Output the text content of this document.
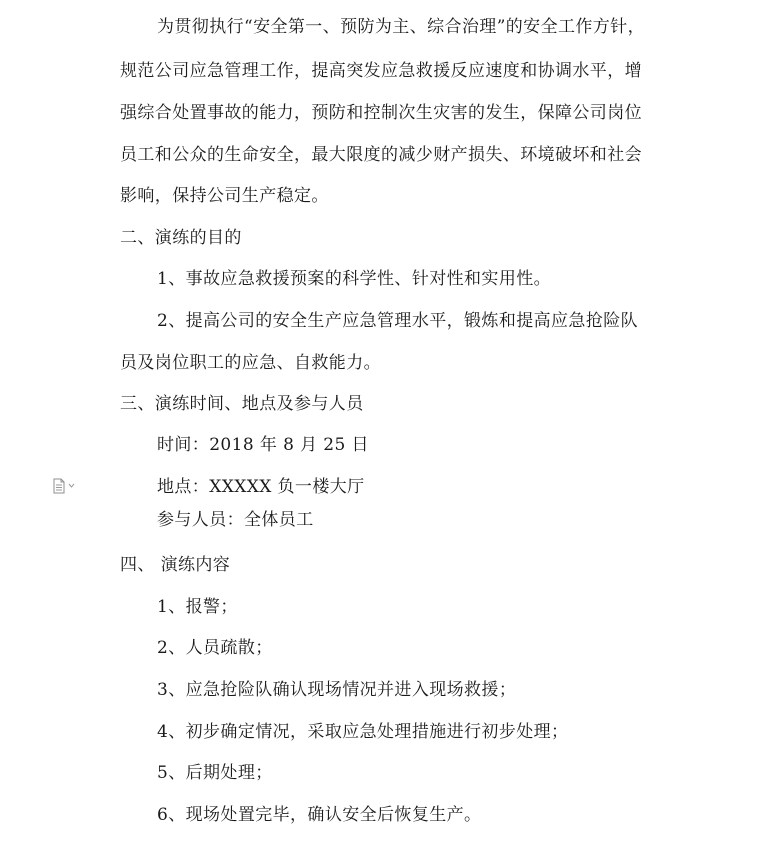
为贯彻执行“安全第一、预防为主、综合治理”的安全工作方针，
规范公司应急管理工作，提高突发应急救援反应速度和协调水平，增
强综合处置事故的能力，预防和控制次生灾害的发生，保障公司岗位
员工和公众的生命安全，最大限度的减少财产损失、环境破坏和社会
影响，保持公司生产稳定。
二、演练的目的
1、事故应急救援预案的科学性、针对性和实用性。
2、提高公司的安全生产应急管理水平，锻炼和提高应急抢险队
员及岗位职工的应急、自救能力。
三、演练时间、地点及参与人员
时间：2018 年 8 月 25 日
地点：XXXXX 负一楼大厅
参与人员：全体员工
四、 演练内容
1、报警；
2、人员疏散；
3、应急抢险队确认现场情况并进入现场救援；
4、初步确定情况，采取应急处理措施进行初步处理；
5、后期处理；
6、现场处置完毕，确认安全后恢复生产。
